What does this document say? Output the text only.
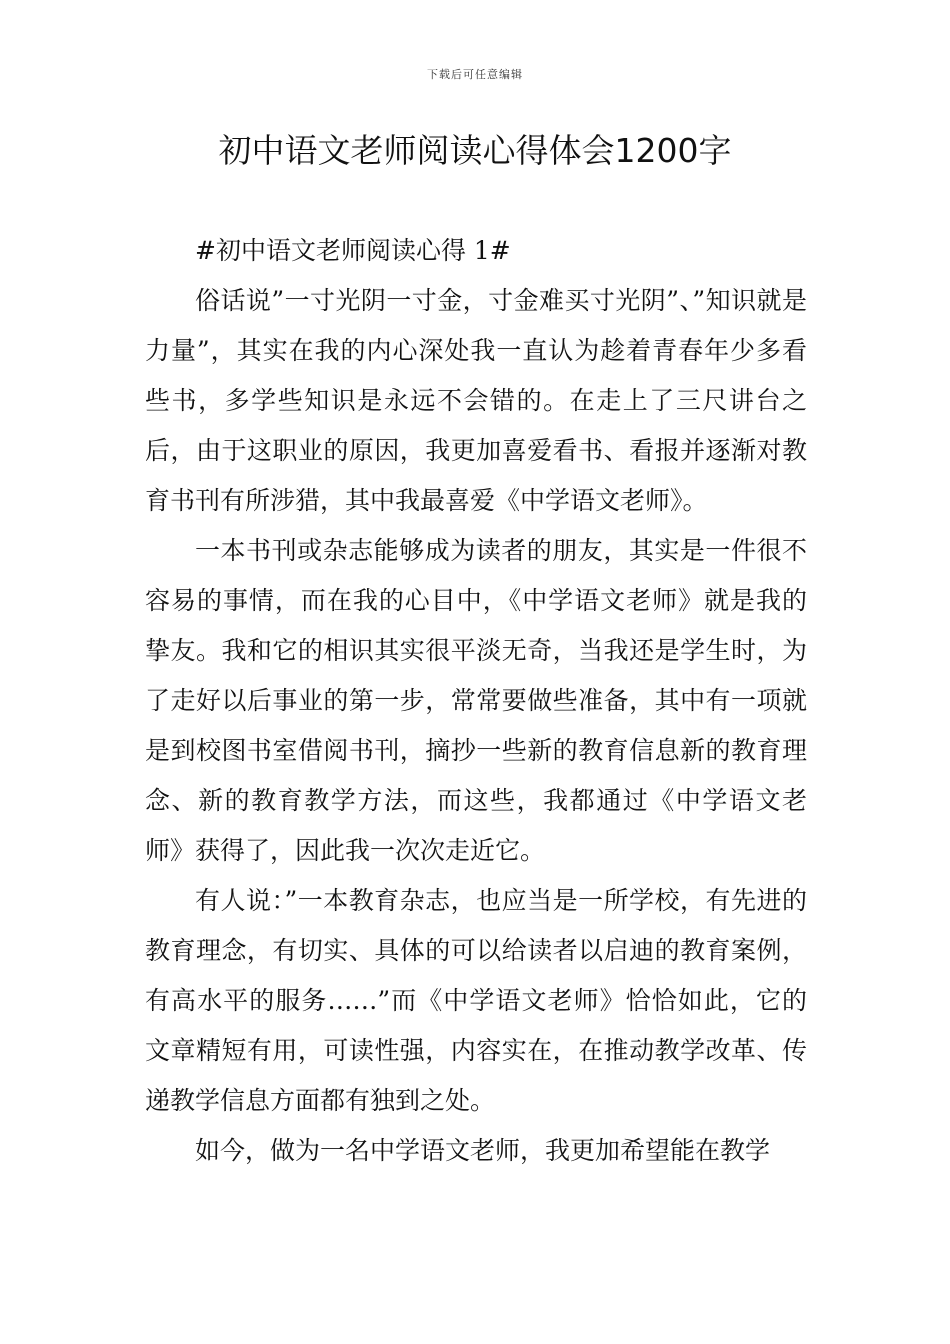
下载后可任意编辑
初中语文老师阅读心得体会1200字

#初中语文老师阅读心得 1#

俗话说”一寸光阴一寸金，寸金难买寸光阴”、”知识就是力量”，其实在我的内心深处我一直认为趁着青春年少多看些书，多学些知识是永远不会错的。在走上了三尺讲台之后，由于这职业的原因，我更加喜爱看书、看报并逐渐对教育书刊有所涉猎，其中我最喜爱《中学语文老师》。

一本书刊或杂志能够成为读者的朋友，其实是一件很不容易的事情，而在我的心目中，《中学语文老师》就是我的挚友。我和它的相识其实很平淡无奇，当我还是学生时，为了走好以后事业的第一步，常常要做些准备，其中有一项就是到校图书室借阅书刊，摘抄一些新的教育信息新的教育理念、新的教育教学方法，而这些，我都通过《中学语文老师》获得了，因此我一次次走近它。

有人说：”一本教育杂志，也应当是一所学校，有先进的教育理念，有切实、具体的可以给读者以启迪的教育案例，有高水平的服务……”而《中学语文老师》恰恰如此，它的文章精短有用，可读性强，内容实在，在推动教学改革、传递教学信息方面都有独到之处。

如今，做为一名中学语文老师，我更加希望能在教学
